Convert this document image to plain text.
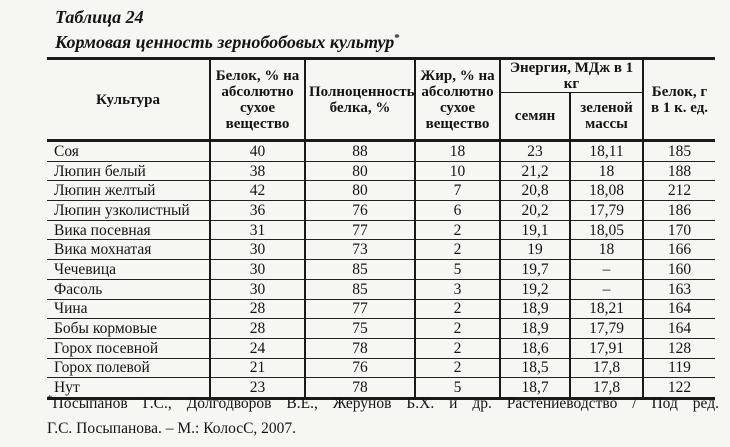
Таблица 24
Кормовая ценность зернобобовых культур*
Культура	Белок, % на абсолютно сухое вещество	Полноценность белка, %	Жир, % на абсолютно сухое вещество	Энергия, МДж в 1 кг		Белок, г в 1 к. ед.
				семян	зеленой массы	
Соя	40	88	18	23	18,11	185
Люпин белый	38	80	10	21,2	18	188
Люпин желтый	42	80	7	20,8	18,08	212
Люпин узколистный	36	76	6	20,2	17,79	186
Вика посевная	31	77	2	19,1	18,05	170
Вика мохнатая	30	73	2	19	18	166
Чечевица	30	85	5	19,7	–	160
Фасоль	30	85	3	19,2	–	163
Чина	28	77	2	18,9	18,21	164
Бобы кормовые	28	75	2	18,9	17,79	164
Горох посевной	24	78	2	18,6	17,91	128
Горох полевой	21	76	2	18,5	17,8	119
Нут	23	78	5	18,7	17,8	122
*Посыпанов Г.С., Долгодворов В.Е., Жерунов Б.Х. и др. Растениеводство / Под ред.
Г.С. Посыпанова. – М.: КолосС, 2007.
